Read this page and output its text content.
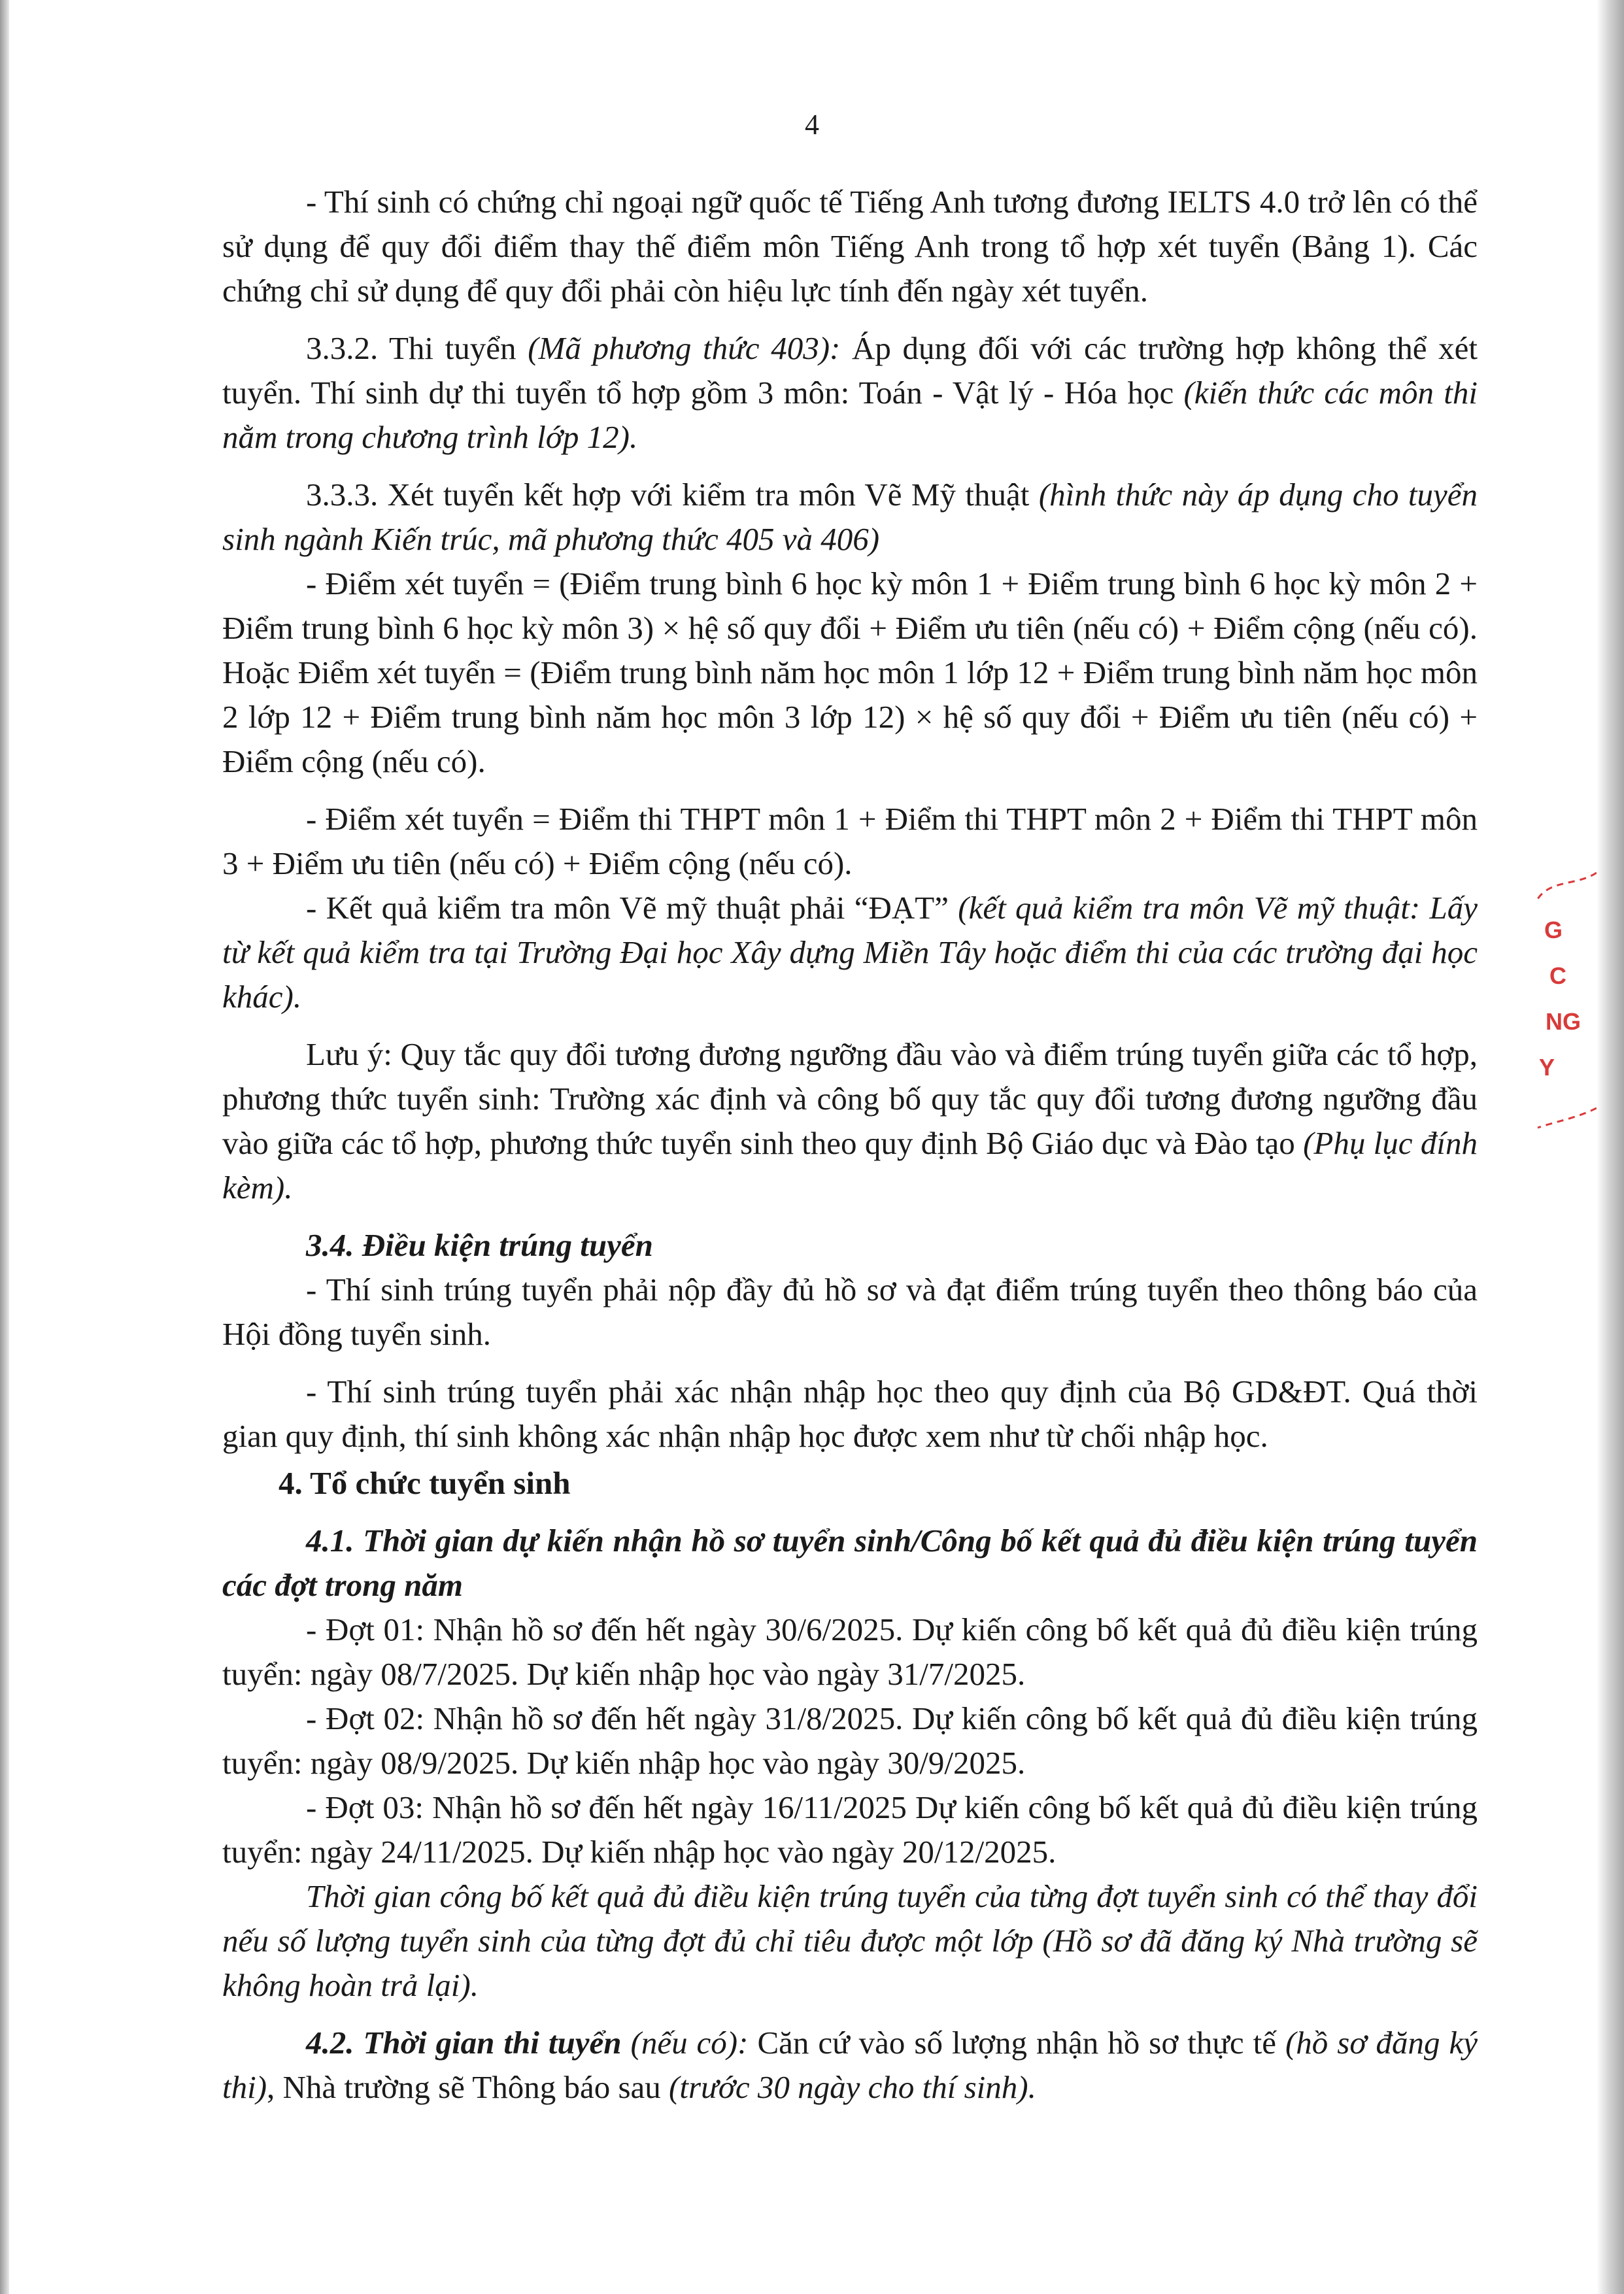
4

- Thí sinh có chứng chỉ ngoại ngữ quốc tế Tiếng Anh tương đương IELTS 4.0 trở lên có thể sử dụng để quy đổi điểm thay thế điểm môn Tiếng Anh trong tổ hợp xét tuyển (Bảng 1). Các chứng chỉ sử dụng để quy đổi phải còn hiệu lực tính đến ngày xét tuyển.

3.3.2. Thi tuyển (Mã phương thức 403): Áp dụng đối với các trường hợp không thể xét tuyển. Thí sinh dự thi tuyển tổ hợp gồm 3 môn: Toán - Vật lý - Hóa học (kiến thức các môn thi nằm trong chương trình lớp 12).

3.3.3. Xét tuyển kết hợp với kiểm tra môn Vẽ Mỹ thuật (hình thức này áp dụng cho tuyển sinh ngành Kiến trúc, mã phương thức 405 và 406)

- Điểm xét tuyển = (Điểm trung bình 6 học kỳ môn 1 + Điểm trung bình 6 học kỳ môn 2 + Điểm trung bình 6 học kỳ môn 3) × hệ số quy đổi + Điểm ưu tiên (nếu có) + Điểm cộng (nếu có). Hoặc Điểm xét tuyển = (Điểm trung bình năm học môn 1 lớp 12 + Điểm trung bình năm học môn 2 lớp 12 + Điểm trung bình năm học môn 3 lớp 12) × hệ số quy đổi + Điểm ưu tiên (nếu có) + Điểm cộng (nếu có).

- Điểm xét tuyển = Điểm thi THPT môn 1 + Điểm thi THPT môn 2 + Điểm thi THPT môn 3 + Điểm ưu tiên (nếu có) + Điểm cộng (nếu có).

- Kết quả kiểm tra môn Vẽ mỹ thuật phải “ĐẠT” (kết quả kiểm tra môn Vẽ mỹ thuật: Lấy từ kết quả kiểm tra tại Trường Đại học Xây dựng Miền Tây hoặc điểm thi của các trường đại học khác).

Lưu ý: Quy tắc quy đổi tương đương ngưỡng đầu vào và điểm trúng tuyển giữa các tổ hợp, phương thức tuyển sinh: Trường xác định và công bố quy tắc quy đổi tương đương ngưỡng đầu vào giữa các tổ hợp, phương thức tuyển sinh theo quy định Bộ Giáo dục và Đào tạo (Phụ lục đính kèm).

3.4. Điều kiện trúng tuyển

- Thí sinh trúng tuyển phải nộp đầy đủ hồ sơ và đạt điểm trúng tuyển theo thông báo của Hội đồng tuyển sinh.

- Thí sinh trúng tuyển phải xác nhận nhập học theo quy định của Bộ GD&ĐT. Quá thời gian quy định, thí sinh không xác nhận nhập học được xem như từ chối nhập học.

4. Tổ chức tuyển sinh

4.1. Thời gian dự kiến nhận hồ sơ tuyển sinh/Công bố kết quả đủ điều kiện trúng tuyển các đợt trong năm

- Đợt 01: Nhận hồ sơ đến hết ngày 30/6/2025. Dự kiến công bố kết quả đủ điều kiện trúng tuyển: ngày 08/7/2025. Dự kiến nhập học vào ngày 31/7/2025.

- Đợt 02: Nhận hồ sơ đến hết ngày 31/8/2025. Dự kiến công bố kết quả đủ điều kiện trúng tuyển: ngày 08/9/2025. Dự kiến nhập học vào ngày 30/9/2025.

- Đợt 03: Nhận hồ sơ đến hết ngày 16/11/2025 Dự kiến công bố kết quả đủ điều kiện trúng tuyển: ngày 24/11/2025. Dự kiến nhập học vào ngày 20/12/2025.

Thời gian công bố kết quả đủ điều kiện trúng tuyển của từng đợt tuyển sinh có thể thay đổi nếu số lượng tuyển sinh của từng đợt đủ chỉ tiêu được một lớp (Hồ sơ đã đăng ký Nhà trường sẽ không hoàn trả lại).

4.2. Thời gian thi tuyển (nếu có): Căn cứ vào số lượng nhận hồ sơ thực tế (hồ sơ đăng ký thi), Nhà trường sẽ Thông báo sau (trước 30 ngày cho thí sinh).

G
C
NG
Y
